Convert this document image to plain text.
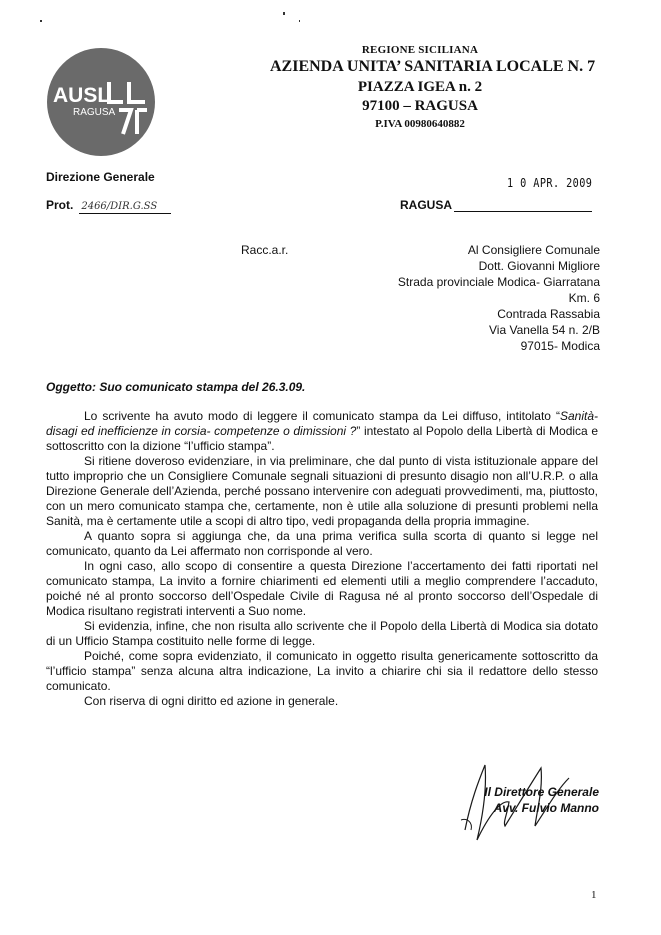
AUSL
RAGUSA
REGIONE SICILIANA
AZIENDA UNITA’ SANITARIA LOCALE N. 7
PIAZZA IGEA n. 2
97100 – RAGUSA
P.IVA 00980640882
Direzione Generale	1 0 APR. 2009
Prot. 2466/DIR.G.SS	RAGUSA
Racc.a.r.	Al Consigliere Comunale
Dott. Giovanni Migliore
Strada provinciale Modica- Giarratana
Km. 6
Contrada Rassabia
Via Vanella 54 n. 2/B
97015- Modica
Oggetto: Suo comunicato stampa del 26.3.09.

Lo scrivente ha avuto modo di leggere il comunicato stampa da Lei diffuso, intitolato “Sanità- disagi ed inefficienze in corsia- competenze o dimissioni ?” intestato al Popolo della Libertà di Modica e sottoscritto con la dizione “l’ufficio stampa”.

Si ritiene doveroso evidenziare, in via preliminare, che dal punto di vista istituzionale appare del tutto improprio che un Consigliere Comunale segnali situazioni di presunto disagio non all’U.R.P. o alla Direzione Generale dell’Azienda, perché possano intervenire con adeguati provvedimenti, ma, piuttosto, con un mero comunicato stampa che, certamente, non è utile alla soluzione di presunti problemi nella Sanità, ma è certamente utile a scopi di altro tipo, vedi propaganda della propria immagine.

A quanto sopra si aggiunga che, da una prima verifica sulla scorta di quanto si legge nel comunicato, quanto da Lei affermato non corrisponde al vero.

In ogni caso, allo scopo di consentire a questa Direzione l’accertamento dei fatti riportati nel comunicato stampa, La invito a fornire chiarimenti ed elementi utili a meglio comprendere l’accaduto, poiché né al pronto soccorso dell’Ospedale Civile di Ragusa né al pronto soccorso dell’Ospedale di Modica risultano registrati interventi a Suo nome.

Si evidenzia, infine, che non risulta allo scrivente che il Popolo della Libertà di Modica sia dotato di un Ufficio Stampa costituito nelle forme di legge.

Poiché, come sopra evidenziato, il comunicato in oggetto risulta genericamente sottoscritto da “l’ufficio stampa” senza alcuna altra indicazione, La invito a chiarire chi sia il redattore dello stesso comunicato.

Con riserva di ogni diritto ed azione in generale.

Il Direttore Generale
Avv. Fulvio Manno
1
